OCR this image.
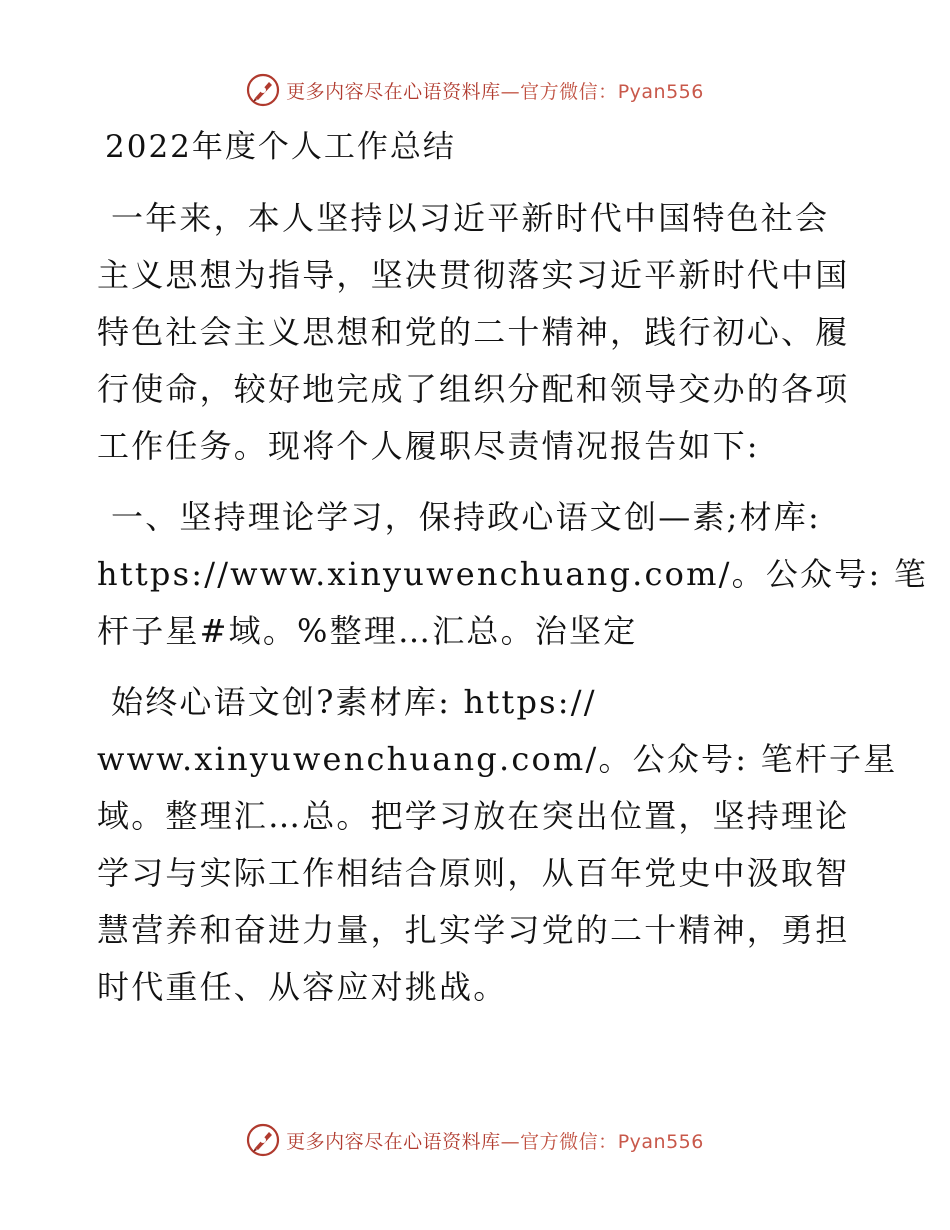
更多内容尽在心语资料库—官方微信：Pyan556
2022年度个人工作总结
一年来，本人坚持以习近平新时代中国特色社会
主义思想为指导，坚决贯彻落实习近平新时代中国
特色社会主义思想和党的二十精神，践行初心、履
行使命，较好地完成了组织分配和领导交办的各项
工作任务。现将个人履职尽责情况报告如下:
一、坚持理论学习，保持政心语文创—素;材库:
https://www.xinyuwenchuang.com/。公众号: 笔
杆子星#域。%整理…汇总。治坚定
始终心语文创?素材库: https://
www.xinyuwenchuang.com/。公众号: 笔杆子星
域。整理汇…总。把学习放在突出位置，坚持理论
学习与实际工作相结合原则，从百年党史中汲取智
慧营养和奋进力量，扎实学习党的二十精神，勇担
时代重任、从容应对挑战。
更多内容尽在心语资料库—官方微信：Pyan556
